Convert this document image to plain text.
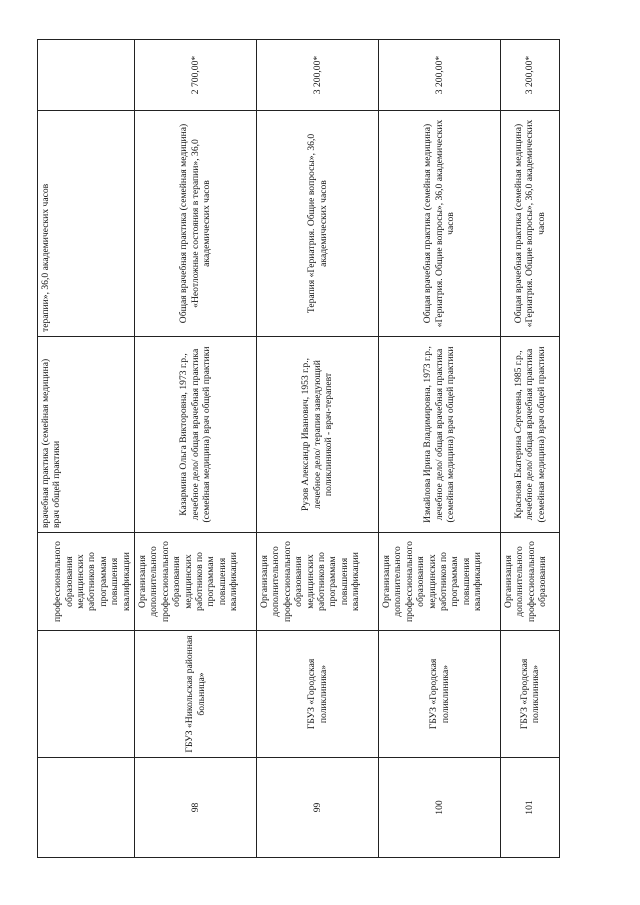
		профессионального образования медицинских работников по программам повышения квалификации	врачебная практика (семейная медицина) врач общей практики	терапии», 36,0 академических часов	
98	ГБУЗ «Никольская районная больница»	Организация дополнительного профессионального образования медицинских работников по программам повышения квалификации	Казармина Ольга Викторовна, 1973 г.р., лечебное дело/ общая врачебная практика (семейная медицина) врач общей практики	Общая врачебная практика (семейная медицина) «Неотложные состояния в терапии», 36,0 академических часов	2 700,00*
99	ГБУЗ «Городская поликлиника»	Организация дополнительного профессионального образования медицинских работников по программам повышения квалификации	Рузов Александр Иванович, 1953 г.р., лечебное дело/ терапия заведующий поликлиникой - врач-терапевт	Терапия «Гериатрия. Общие вопросы», 36,0 академических часов	3 200,00*
100	ГБУЗ «Городская поликлиника»	Организация дополнительного профессионального образования медицинских работников по программам повышения квалификации	Измайлова Ирина Владимировна, 1973 г.р., лечебное дело/ общая врачебная практика (семейная медицина) врач общей практики	Общая врачебная практика (семейная медицина) «Гериатрия. Общие вопросы», 36,0 академических часов	3 200,00*
101	ГБУЗ «Городская поликлиника»	Организация дополнительного профессионального образования	Краснова Екатерина Сергеевна, 1985 г.р., лечебное дело/ общая врачебная практика (семейная медицина) врач общей практики	Общая врачебная практика (семейная медицина) «Гериатрия. Общие вопросы», 36,0 академических часов	3 200,00*
